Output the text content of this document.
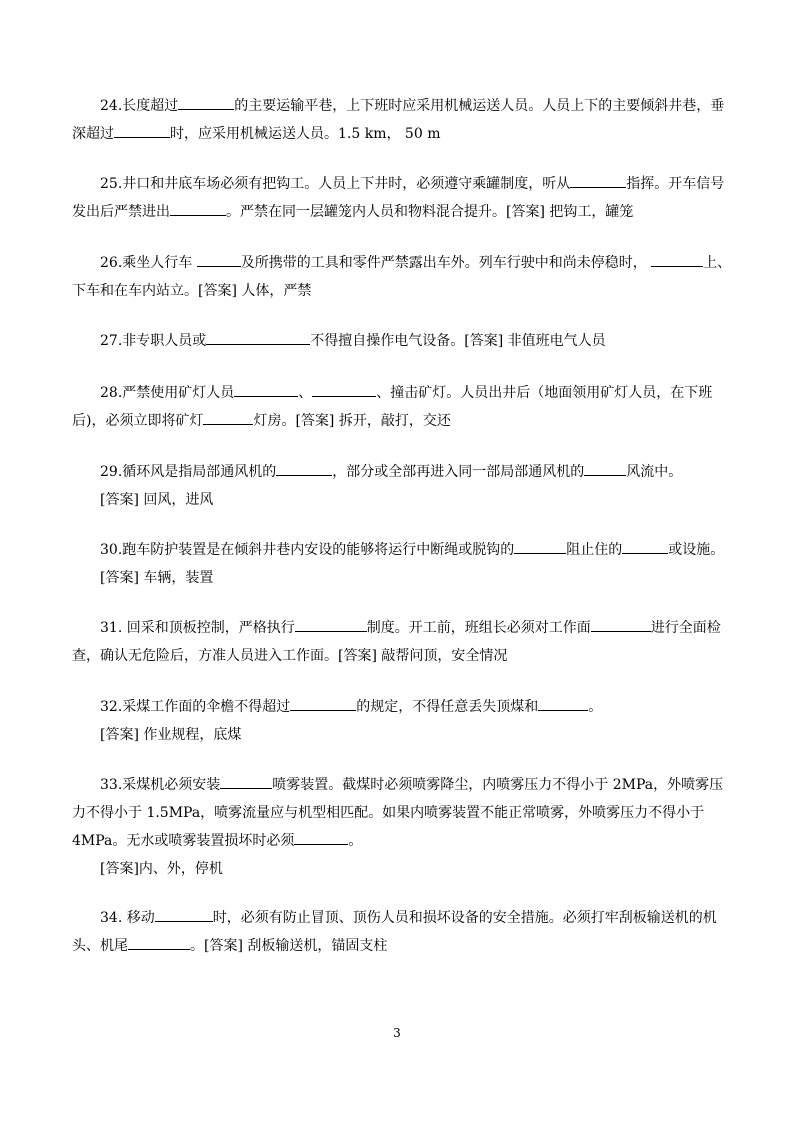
24.长度超过	的主要运输平巷，上下班时应采用机械运送人员。人员上下的主要倾斜井巷，垂
深超过	时，应采用机械运送人员。1.5 km， 50 m
25.井口和井底车场必须有把钩工。人员上下井时，必须遵守乘罐制度，听从	指挥。开车信号
发出后严禁进出	。严禁在同一层罐笼内人员和物料混合提升。[答案] 把钩工，罐笼
26.乘坐人行车	及所携带的工具和零件严禁露出车外。列车行驶中和尚未停稳时，	上、
下车和在车内站立。[答案] 人体，严禁
27.非专职人员或	不得擅自操作电气设备。[答案] 非值班电气人员
28.严禁使用矿灯人员	、	、撞击矿灯。人员出井后（地面领用矿灯人员，在下班
后)，必须立即将矿灯	灯房。[答案] 拆开，敲打，交还
29.循环风是指局部通风机的	，部分或全部再进入同一部局部通风机的	风流中。
[答案] 回风，进风
30.跑车防护装置是在倾斜井巷内安设的能够将运行中断绳或脱钩的	阻止住的	或设施。
[答案] 车辆，装置
31. 回采和顶板控制，严格执行	制度。开工前，班组长必须对工作面	进行全面检
查，确认无危险后，方准人员进入工作面。[答案] 敲帮问顶，安全情况
32.采煤工作面的伞檐不得超过	的规定，不得任意丢失顶煤和	。
[答案] 作业规程，底煤
33.采煤机必须安装	喷雾装置。截煤时必须喷雾降尘，内喷雾压力不得小于 2MPa，外喷雾压
力不得小于 1.5MPa，喷雾流量应与机型相匹配。如果内喷雾装置不能正常喷雾，外喷雾压力不得小于
4MPa。无水或喷雾装置损坏时必须	。
[答案]内、外，停机
34. 移动	时，必须有防止冒顶、顶伤人员和损坏设备的安全措施。必须打牢刮板输送机的机
头、机尾	。[答案] 刮板输送机，锚固支柱
3
